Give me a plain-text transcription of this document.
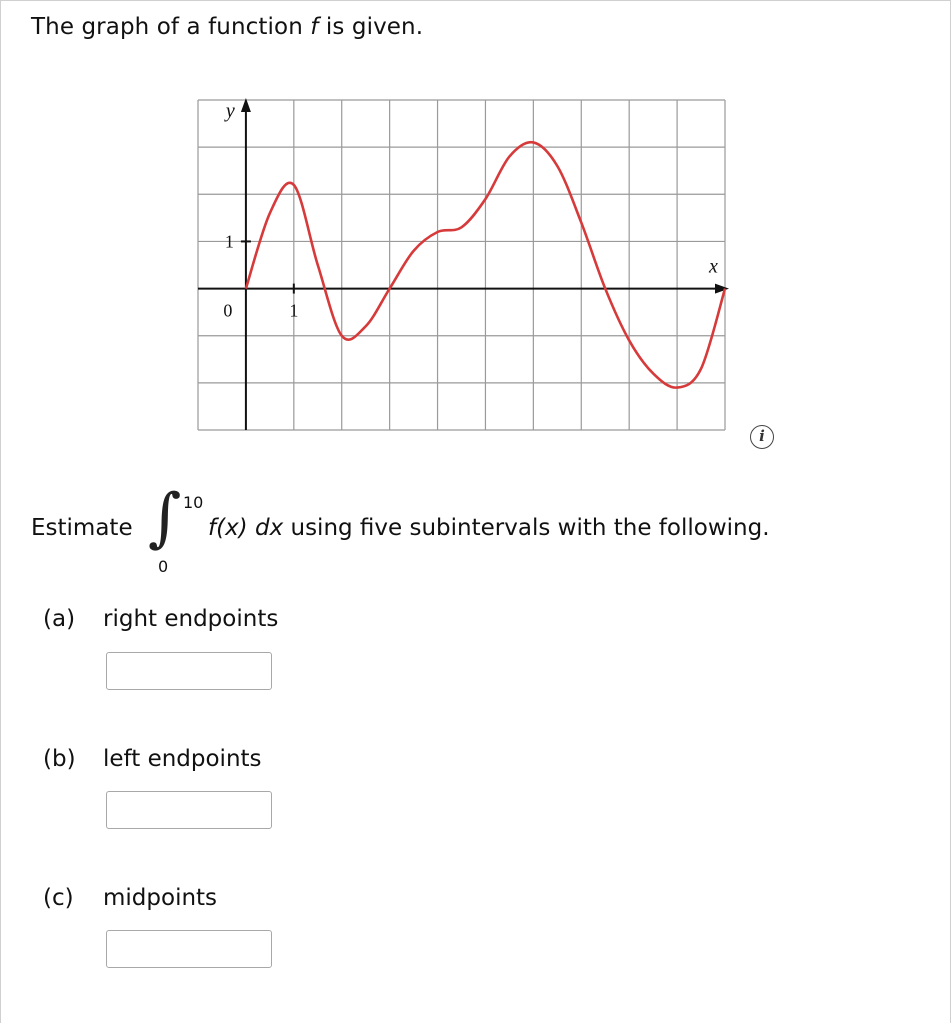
The graph of a function f is given.
y
x
0	1
1
i
Estimate ∫ 10
0
f(x) dx using five subintervals with the following.
(a) right endpoints
(b) left endpoints
(c) midpoints
